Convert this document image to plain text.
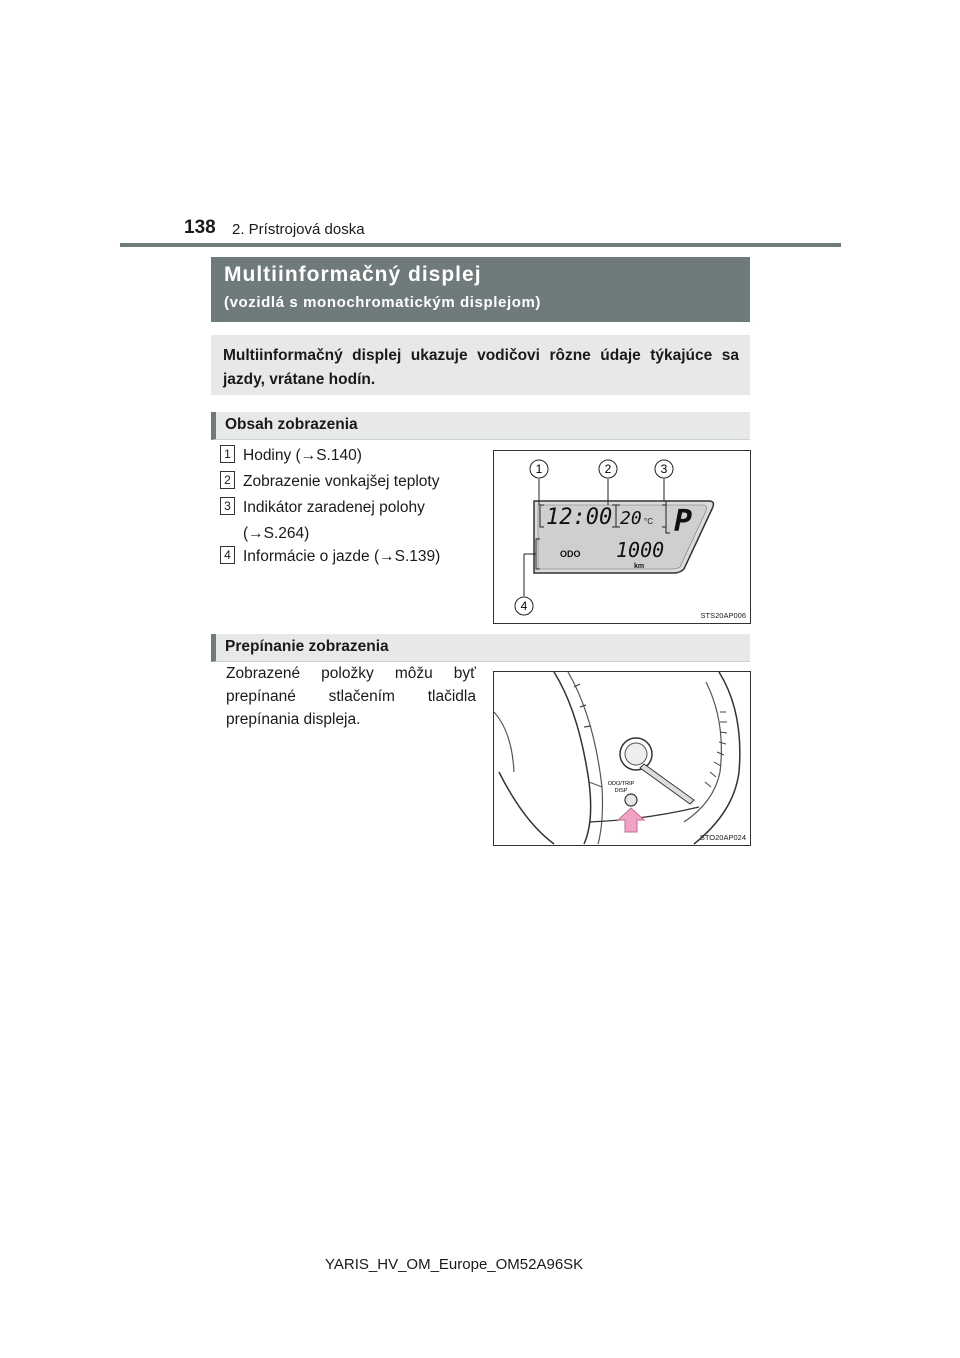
138 2. Prístrojová doska
Multiinformačný displej
(vozidlá s monochromatickým displejom)
Multiinformačný displej ukazuje vodičovi rôzne údaje týkajúce sa jazdy, vrátane hodín.
Obsah zobrazenia
1 Hodiny (→S.140)
2 Zobrazenie vonkajšej teploty
3 Indikátor zaradenej polohy (→S.264)
4 Informácie o jazde (→S.139)
1	2	3
4
12:00 20 °C P
ODO 1000
km
STS20AP006
Prepínanie zobrazenia
Zobrazené položky môžu byť prepínané stlačením tlačidla prepínania displeja.
ODO/TRIP
DISP
STO20AP024
YARIS_HV_OM_Europe_OM52A96SK
